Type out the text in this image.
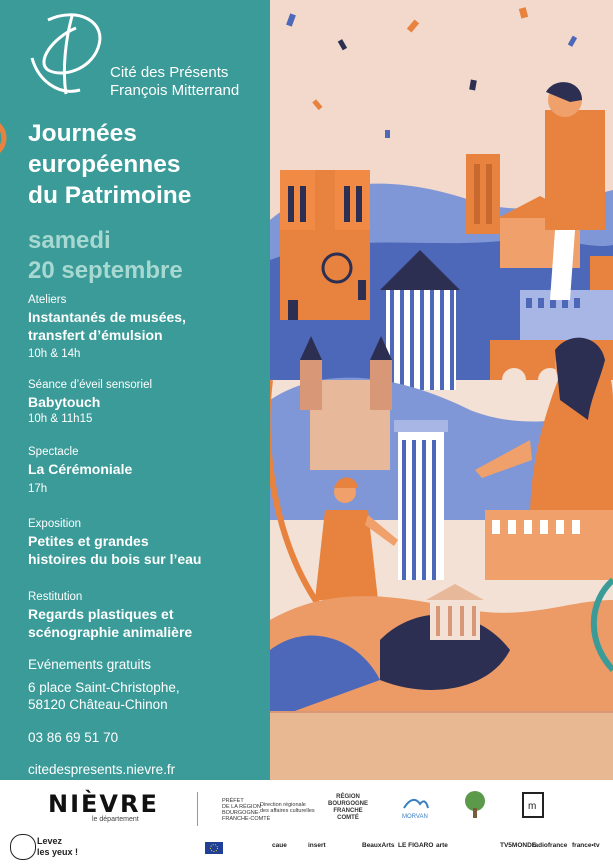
Cité des Présents
François Mitterrand
Journées
européennes
du Patrimoine
samedi
20 septembre
Ateliers
Instantanés de musées,
transfert d’émulsion
10h & 14h
Séance d’éveil sensoriel
Babytouch
10h & 11h15
Spectacle
La Cérémoniale
17h
Exposition
Petites et grandes
histoires du bois sur l’eau
Restitution
Regards plastiques et
scénographie animalière
Evénements gratuits
6 place Saint-Christophe,
58120 Château-Chinon
03 86 69 51 70
citedespresents.nievre.fr
NIÈVRE
le département
PRÉFET
DE LA RÉGION
BOURGOGNE-
FRANCHE-COMTÉ
Direction régionale
des affaires culturelles
RÉGION
BOURGOGNE
FRANCHE
COMTÉ	MORVAN
m
Levez
les yeux !
caue	insert	BeauxArts LE FIGARO arte	TV5MONDE
radiofrance france•tv
